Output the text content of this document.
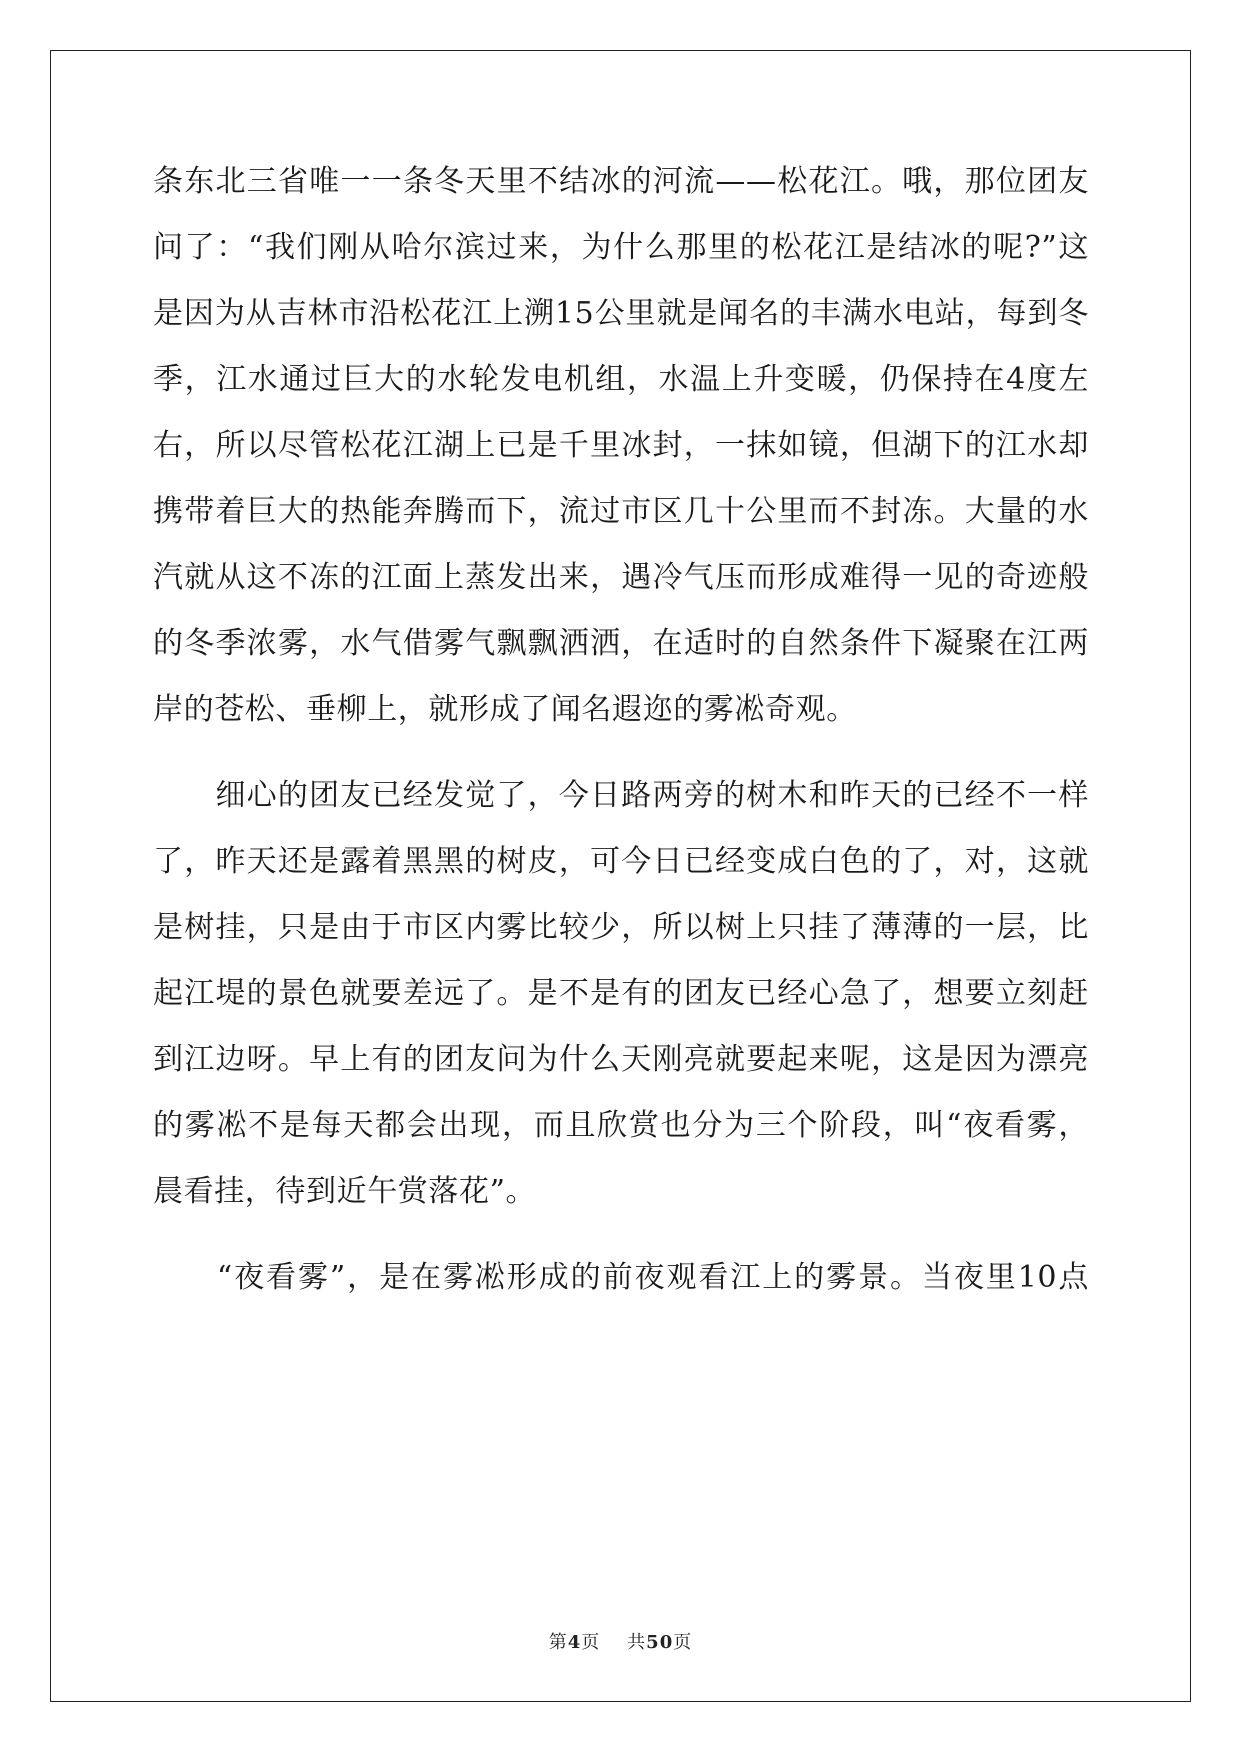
条东北三省唯一一条冬天里不结冰的河流——松花江。哦，那位团友
问了：“我们刚从哈尔滨过来，为什么那里的松花江是结冰的呢?”这
是因为从吉林市沿松花江上溯15公里就是闻名的丰满水电站，每到冬
季，江水通过巨大的水轮发电机组，水温上升变暖，仍保持在4度左
右，所以尽管松花江湖上已是千里冰封，一抹如镜，但湖下的江水却
携带着巨大的热能奔腾而下，流过市区几十公里而不封冻。大量的水
汽就从这不冻的江面上蒸发出来，遇冷气压而形成难得一见的奇迹般
的冬季浓雾，水气借雾气飘飘洒洒，在适时的自然条件下凝聚在江两
岸的苍松、垂柳上，就形成了闻名遐迩的雾凇奇观。
　　细心的团友已经发觉了，今日路两旁的树木和昨天的已经不一样
了，昨天还是露着黑黑的树皮，可今日已经变成白色的了，对，这就
是树挂，只是由于市区内雾比较少，所以树上只挂了薄薄的一层，比
起江堤的景色就要差远了。是不是有的团友已经心急了，想要立刻赶
到江边呀。早上有的团友问为什么天刚亮就要起来呢，这是因为漂亮
的雾凇不是每天都会出现，而且欣赏也分为三个阶段，叫“夜看雾，
晨看挂，待到近午赏落花”。
　　“夜看雾”，是在雾凇形成的前夜观看江上的雾景。当夜里10点
第4页 共50页
